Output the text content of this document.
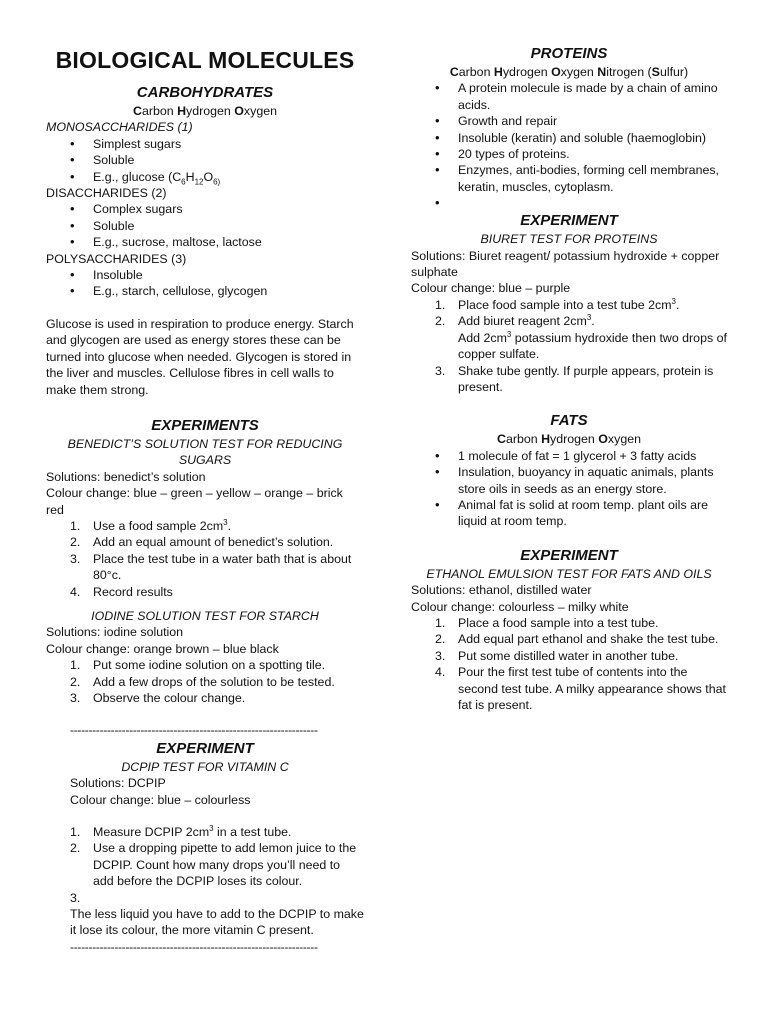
BIOLOGICAL MOLECULES
CARBOHYDRATES
Carbon Hydrogen Oxygen
MONOSACCHARIDES (1)
• Simplest sugars
• Soluble
• E.g., glucose ($C_6H_{12}O_{6)}$
DISACCHARIDES (2)
• Complex sugars
• Soluble
• E.g., sucrose, maltose, lactose
POLYSACCHARIDES (3)
• Insoluble
• E.g., starch, cellulose, glycogen

Glucose is used in respiration to produce energy. Starch and glycogen are used as energy stores these can be turned into glucose when needed. Glycogen is stored in the liver and muscles. Cellulose fibres in cell walls to make them strong.

EXPERIMENTS
BENEDICT’S SOLUTION TEST FOR REDUCING SUGARS
Solutions: benedict’s solution
Colour change: blue – green – yellow – orange – brick red
1. Use a food sample $2cm^3$.
2. Add an equal amount of benedict’s solution.
3. Place the test tube in a water bath that is about 80°c.
4. Record results
IODINE SOLUTION TEST FOR STARCH
Solutions: iodine solution
Colour change: orange brown – blue black
1. Put some iodine solution on a spotting tile.
2. Add a few drops of the solution to be tested.
3. Observe the colour change.
-------------------------------------------------------------------
EXPERIMENT
DCPIP TEST FOR VITAMIN C
Solutions: DCPIP
Colour change: blue – colourless
1. Measure DCPIP $2cm^3$ in a test tube.
2. Use a dropping pipette to add lemon juice to the DCPIP. Count how many drops you’ll need to add before the DCPIP loses its colour.
3.
The less liquid you have to add to the DCPIP to make it lose its colour, the more vitamin C present.
-------------------------------------------------------------------
PROTEINS
Carbon Hydrogen Oxygen Nitrogen (Sulfur)
• A protein molecule is made by a chain of amino acids.
• Growth and repair
• Insoluble (keratin) and soluble (haemoglobin)
• 20 types of proteins.
• Enzymes, anti-bodies, forming cell membranes, keratin, muscles, cytoplasm.
•
EXPERIMENT
BIURET TEST FOR PROTEINS
Solutions: Biuret reagent/ potassium hydroxide + copper sulphate
Colour change: blue – purple
1. Place food sample into a test tube $2cm^3$.
2. Add biuret reagent $2cm^3$.
Add $2cm^3$ potassium hydroxide then two drops of copper sulfate.
3. Shake tube gently. If purple appears, protein is present.
FATS
Carbon Hydrogen Oxygen
• 1 molecule of fat = 1 glycerol + 3 fatty acids
• Insulation, buoyancy in aquatic animals, plants store oils in seeds as an energy store.
• Animal fat is solid at room temp. plant oils are liquid at room temp.
EXPERIMENT
ETHANOL EMULSION TEST FOR FATS AND OILS
Solutions: ethanol, distilled water
Colour change: colourless – milky white
1. Place a food sample into a test tube.
2. Add equal part ethanol and shake the test tube.
3. Put some distilled water in another tube.
4. Pour the first test tube of contents into the second test tube. A milky appearance shows that fat is present.
